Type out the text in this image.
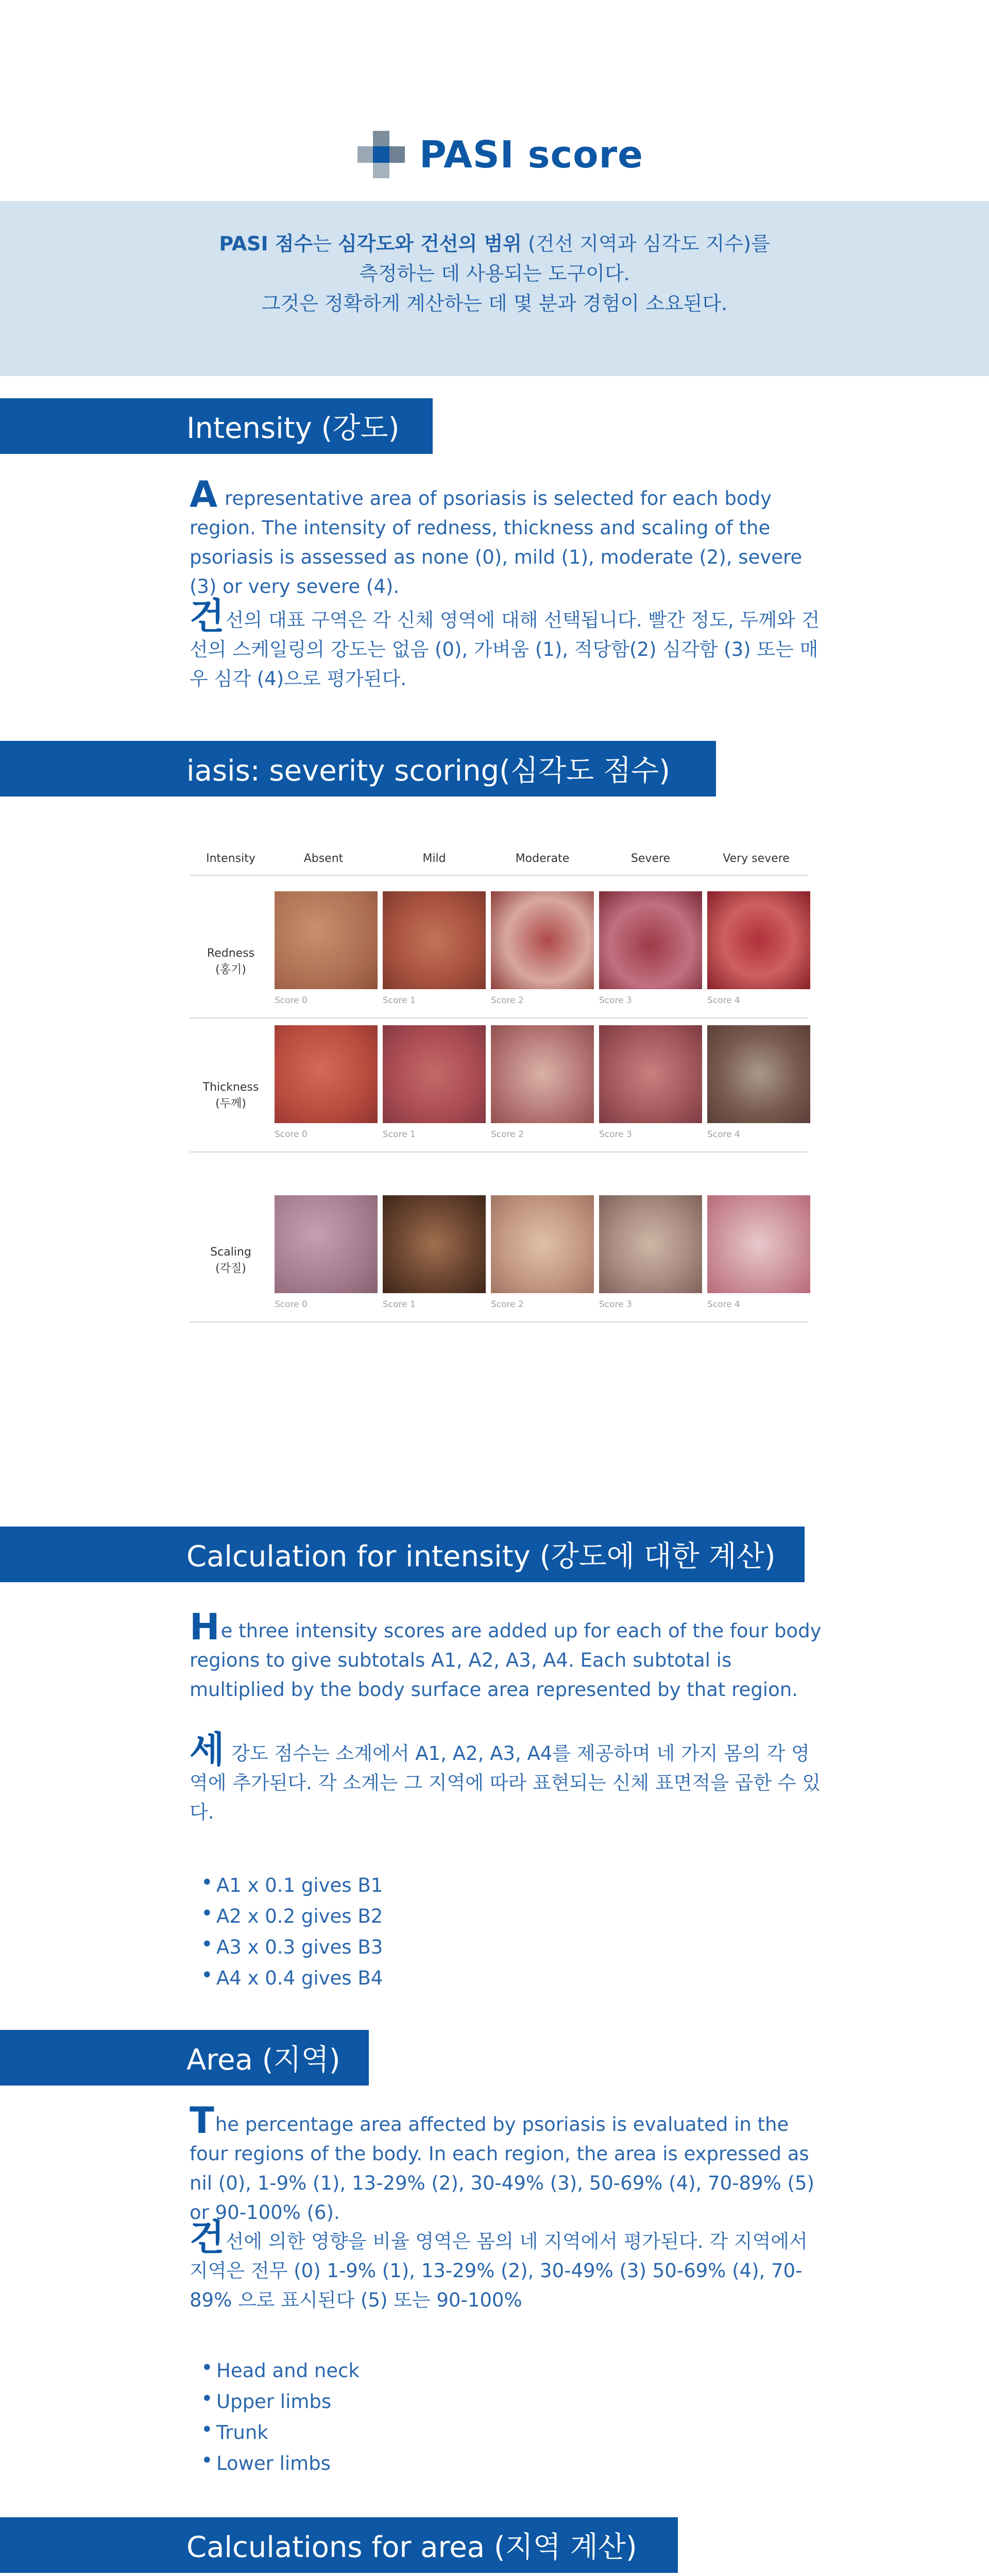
PASI score
PASI 점수는 심각도와 건선의 범위 (건선 지역과 심각도 지수)를
측정하는 데 사용되는 도구이다.
그것은 정확하게 계산하는 데 몇 분과 경험이 소요된다.
Intensity (강도)
A representative area of psoriasis is selected for each body region. The intensity of redness, thickness and scaling of the psoriasis is assessed as none (0), mild (1), moderate (2), severe (3) or very severe (4).
건선의 대표 구역은 각 신체 영역에 대해 선택됩니다. 빨간 정도, 두께와 건선의 스케일링의 강도는 없음 (0), 가벼움 (1), 적당함(2) 심각함 (3) 또는 매우 심각 (4)으로 평가된다.
iasis: severity scoring(심각도 점수)
Intensity	Absent	Mild	Moderate	Severe	Very severe
Redness
(홍기)
Score 0	Score 1	Score 2	Score 3	Score 4
Thickness
(두께)
Score 0	Score 1	Score 2	Score 3	Score 4
Scaling
(각질)
Score 0	Score 1	Score 2	Score 3	Score 4
Calculation for intensity (강도에 대한 계산)
He three intensity scores are added up for each of the four body regions to give subtotals A1, A2, A3, A4. Each subtotal is multiplied by the body surface area represented by that region.
세 강도 점수는 소계에서 A1, A2, A3, A4를 제공하며 네 가지 몸의 각 영역에 추가된다. 각 소계는 그 지역에 따라 표현되는 신체 표면적을 곱한 수 있다.
• A1 x 0.1 gives B1
• A2 x 0.2 gives B2
• A3 x 0.3 gives B3
• A4 x 0.4 gives B4
Area (지역)
The percentage area affected by psoriasis is evaluated in the four regions of the body. In each region, the area is expressed as nil (0), 1-9% (1), 13-29% (2), 30-49% (3), 50-69% (4), 70-89% (5) or 90-100% (6).
건선에 의한 영향을 비율 영역은 몸의 네 지역에서 평가된다. 각 지역에서 지역은 전무 (0) 1-9% (1), 13-29% (2), 30-49% (3) 50-69% (4), 70-89% 으로 표시된다 (5) 또는 90-100%
• Head and neck
• Upper limbs
• Trunk
• Lower limbs
Calculations for area (지역 계산)
